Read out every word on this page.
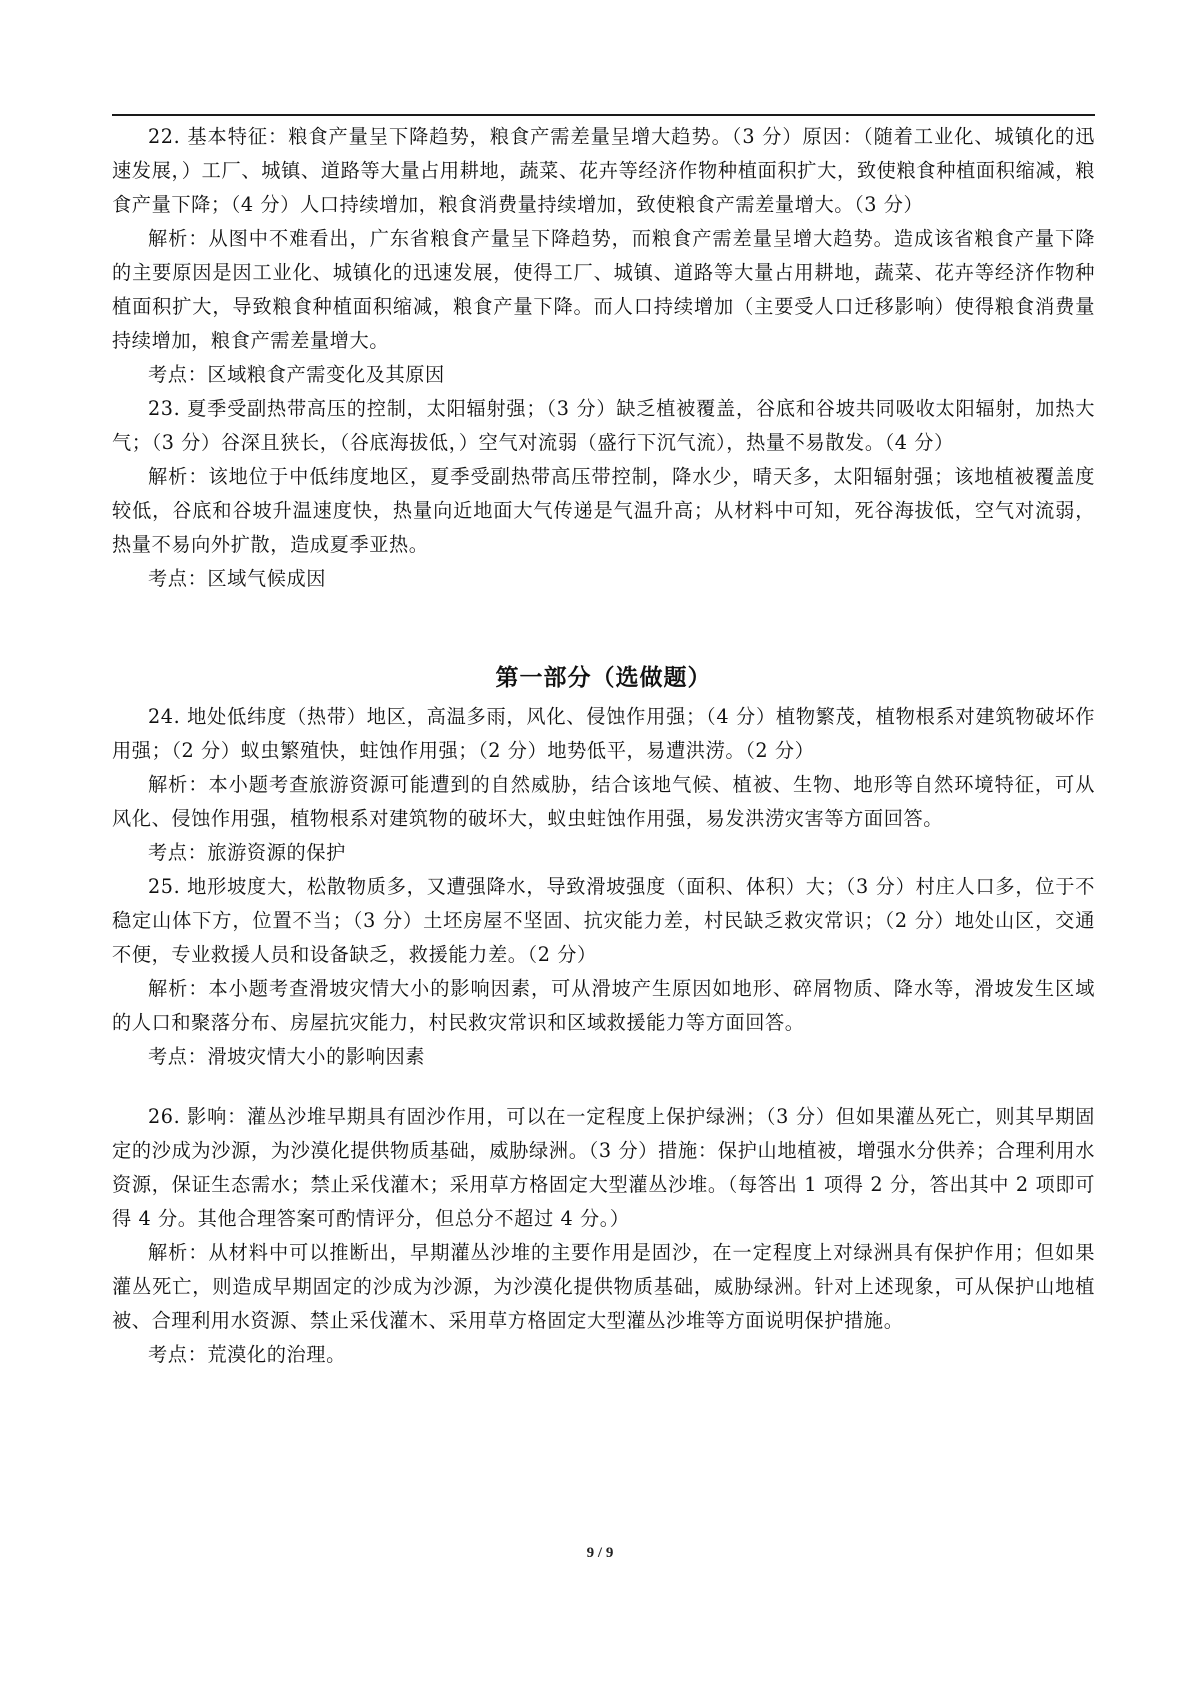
22. 基本特征：粮食产量呈下降趋势，粮食产需差量呈增大趋势。（3 分）原因：（随着工业化、城镇化的迅速发展，）工厂、城镇、道路等大量占用耕地，蔬菜、花卉等经济作物种植面积扩大，致使粮食种植面积缩减，粮食产量下降；（4 分）人口持续增加，粮食消费量持续增加，致使粮食产需差量增大。（3 分）

解析：从图中不难看出，广东省粮食产量呈下降趋势，而粮食产需差量呈增大趋势。造成该省粮食产量下降的主要原因是因工业化、城镇化的迅速发展，使得工厂、城镇、道路等大量占用耕地，蔬菜、花卉等经济作物种植面积扩大，导致粮食种植面积缩减，粮食产量下降。而人口持续增加（主要受人口迁移影响）使得粮食消费量持续增加，粮食产需差量增大。

考点：区域粮食产需变化及其原因

23. 夏季受副热带高压的控制，太阳辐射强；（3 分）缺乏植被覆盖，谷底和谷坡共同吸收太阳辐射，加热大气；（3 分）谷深且狭长，（谷底海拔低，）空气对流弱（盛行下沉气流），热量不易散发。（4 分）

解析：该地位于中低纬度地区，夏季受副热带高压带控制，降水少，晴天多，太阳辐射强；该地植被覆盖度较低，谷底和谷坡升温速度快，热量向近地面大气传递是气温升高；从材料中可知，死谷海拔低，空气对流弱，热量不易向外扩散，造成夏季亚热。

考点：区域气候成因

第一部分（选做题）

24. 地处低纬度（热带）地区，高温多雨，风化、侵蚀作用强；（4 分）植物繁茂，植物根系对建筑物破坏作用强；（2 分）蚁虫繁殖快，蛀蚀作用强；（2 分）地势低平，易遭洪涝。（2 分）

解析：本小题考查旅游资源可能遭到的自然威胁，结合该地气候、植被、生物、地形等自然环境特征，可从风化、侵蚀作用强，植物根系对建筑物的破坏大，蚁虫蛀蚀作用强，易发洪涝灾害等方面回答。

考点：旅游资源的保护

25. 地形坡度大，松散物质多，又遭强降水，导致滑坡强度（面积、体积）大；（3 分）村庄人口多，位于不稳定山体下方，位置不当；（3 分）土坯房屋不坚固、抗灾能力差，村民缺乏救灾常识；（2 分）地处山区，交通不便，专业救援人员和设备缺乏，救援能力差。（2 分）

解析：本小题考查滑坡灾情大小的影响因素，可从滑坡产生原因如地形、碎屑物质、降水等，滑坡发生区域的人口和聚落分布、房屋抗灾能力，村民救灾常识和区域救援能力等方面回答。

考点：滑坡灾情大小的影响因素

26. 影响：灌丛沙堆早期具有固沙作用，可以在一定程度上保护绿洲；（3 分）但如果灌丛死亡，则其早期固定的沙成为沙源，为沙漠化提供物质基础，威胁绿洲。（3 分）措施：保护山地植被，增强水分供养；合理利用水资源，保证生态需水；禁止采伐灌木；采用草方格固定大型灌丛沙堆。（每答出 1 项得 2 分，答出其中 2 项即可得 4 分。其他合理答案可酌情评分，但总分不超过 4 分。）

解析：从材料中可以推断出，早期灌丛沙堆的主要作用是固沙，在一定程度上对绿洲具有保护作用；但如果灌丛死亡，则造成早期固定的沙成为沙源，为沙漠化提供物质基础，威胁绿洲。针对上述现象，可从保护山地植被、合理利用水资源、禁止采伐灌木、采用草方格固定大型灌丛沙堆等方面说明保护措施。

考点：荒漠化的治理。

9 / 9
